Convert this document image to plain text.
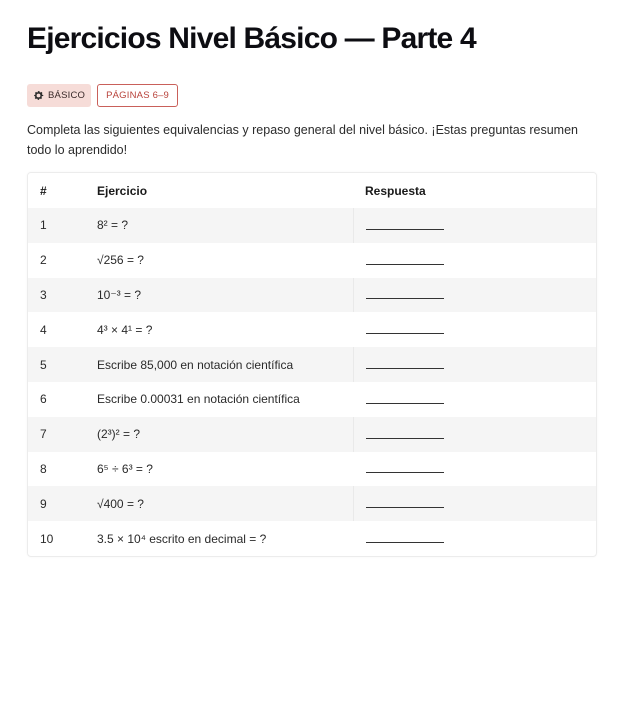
Ejercicios Nivel Básico — Parte 4
BÁSICO	PÁGINAS 6–9

Completa las siguientes equivalencias y repaso general del nivel básico. ¡Estas preguntas resumen todo lo aprendido!

#	Ejercicio	Respuesta
1	8² = ?	
2	√256 = ?	
3	10⁻³ = ?	
4	4³ × 4¹ = ?	
5	Escribe 85,000 en notación científica	
6	Escribe 0.00031 en notación científica	
7	(2³)² = ?	
8	6⁵ ÷ 6³ = ?	
9	√400 = ?	
10	3.5 × 10⁴ escrito en decimal = ?	
